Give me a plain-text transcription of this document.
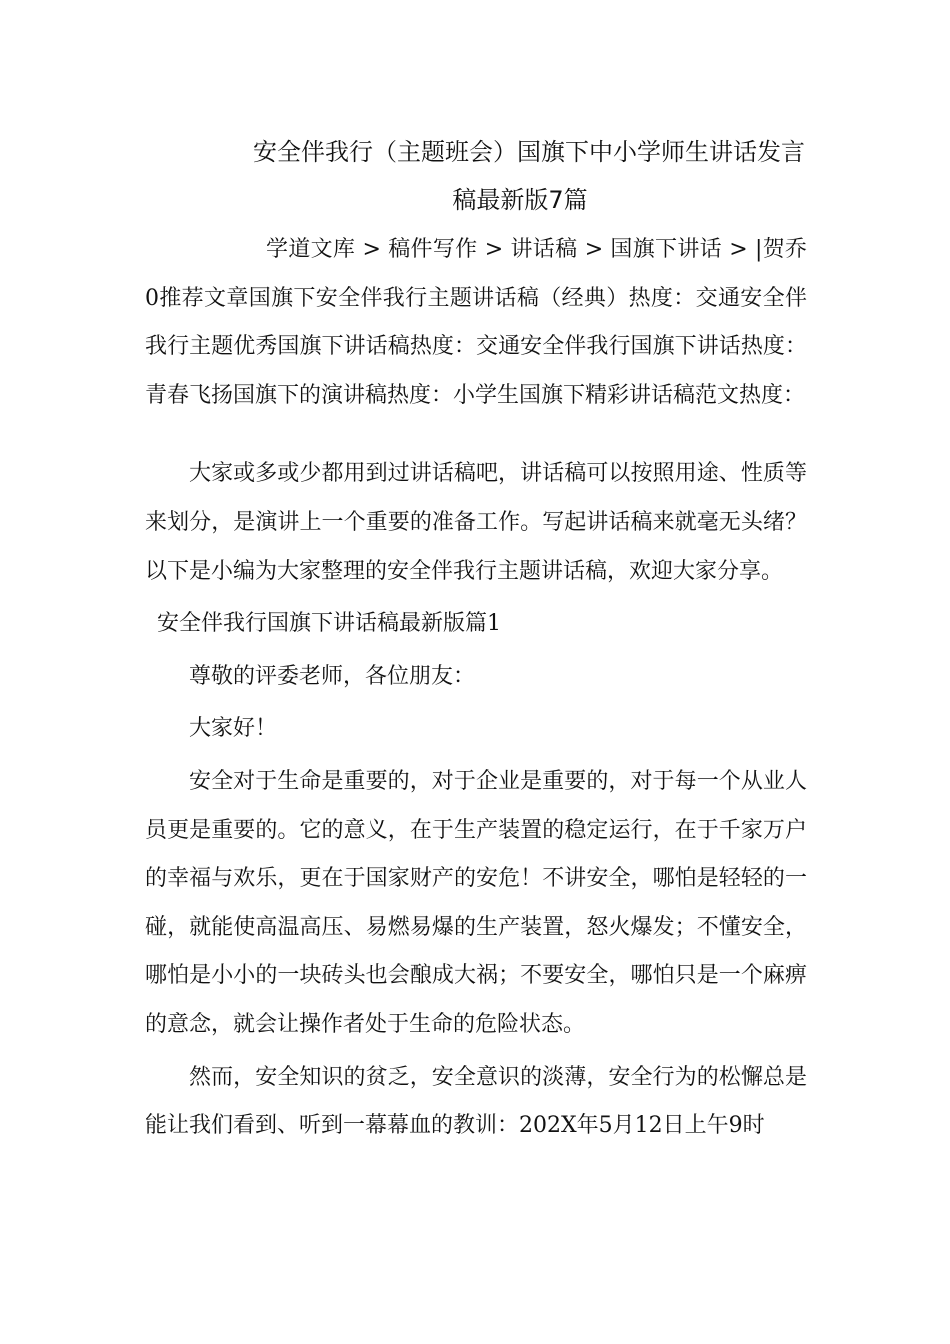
安全伴我行（主题班会）国旗下中小学师生讲话发言
稿最新版7篇

学道文库 > 稿件写作 > 讲话稿 > 国旗下讲话 > |贺乔0推荐文章国旗下安全伴我行主题讲话稿（经典）热度：交通安全伴我行主题优秀国旗下讲话稿热度：交通安全伴我行国旗下讲话热度：青春飞扬国旗下的演讲稿热度：小学生国旗下精彩讲话稿范文热度：

大家或多或少都用到过讲话稿吧，讲话稿可以按照用途、性质等来划分，是演讲上一个重要的准备工作。写起讲话稿来就毫无头绪？以下是小编为大家整理的安全伴我行主题讲话稿，欢迎大家分享。

安全伴我行国旗下讲话稿最新版篇1

尊敬的评委老师，各位朋友：

大家好！

安全对于生命是重要的，对于企业是重要的，对于每一个从业人员更是重要的。它的意义，在于生产装置的稳定运行，在于千家万户的幸福与欢乐，更在于国家财产的安危！不讲安全，哪怕是轻轻的一碰，就能使高温高压、易燃易爆的生产装置，怒火爆发；不懂安全，哪怕是小小的一块砖头也会酿成大祸；不要安全，哪怕只是一个麻痹的意念，就会让操作者处于生命的危险状态。

然而，安全知识的贫乏，安全意识的淡薄，安全行为的松懈总是能让我们看到、听到一幕幕血的教训：202X年5月12日上午9时
